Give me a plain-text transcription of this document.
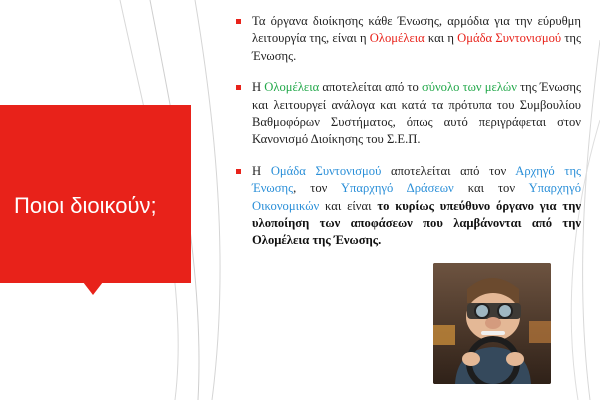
Ποιοι διοικούν;
Τα όργανα διοίκησης κάθε Ένωσης, αρμόδια για την εύρυθμη λειτουργία της, είναι η Ολομέλεια και η Ομάδα Συντονισμού της Ένωσης.
Η Ολομέλεια αποτελείται από το σύνολο των μελών της Ένωσης και λειτουργεί ανάλογα και κατά τα πρότυπα του Συμβουλίου Βαθμοφόρων Συστήματος, όπως αυτό περιγράφεται στον Κανονισμό Διοίκησης του Σ.Ε.Π.
Η Ομάδα Συντονισμού αποτελείται από τον Αρχηγό της Ένωσης, τον Υπαρχηγό Δράσεων και τον Υπαρχηγό Οικονομικών και είναι το κυρίως υπεύθυνο όργανο για την υλοποίηση των αποφάσεων που λαμβάνονται από την Ολομέλεια της Ένωσης.
